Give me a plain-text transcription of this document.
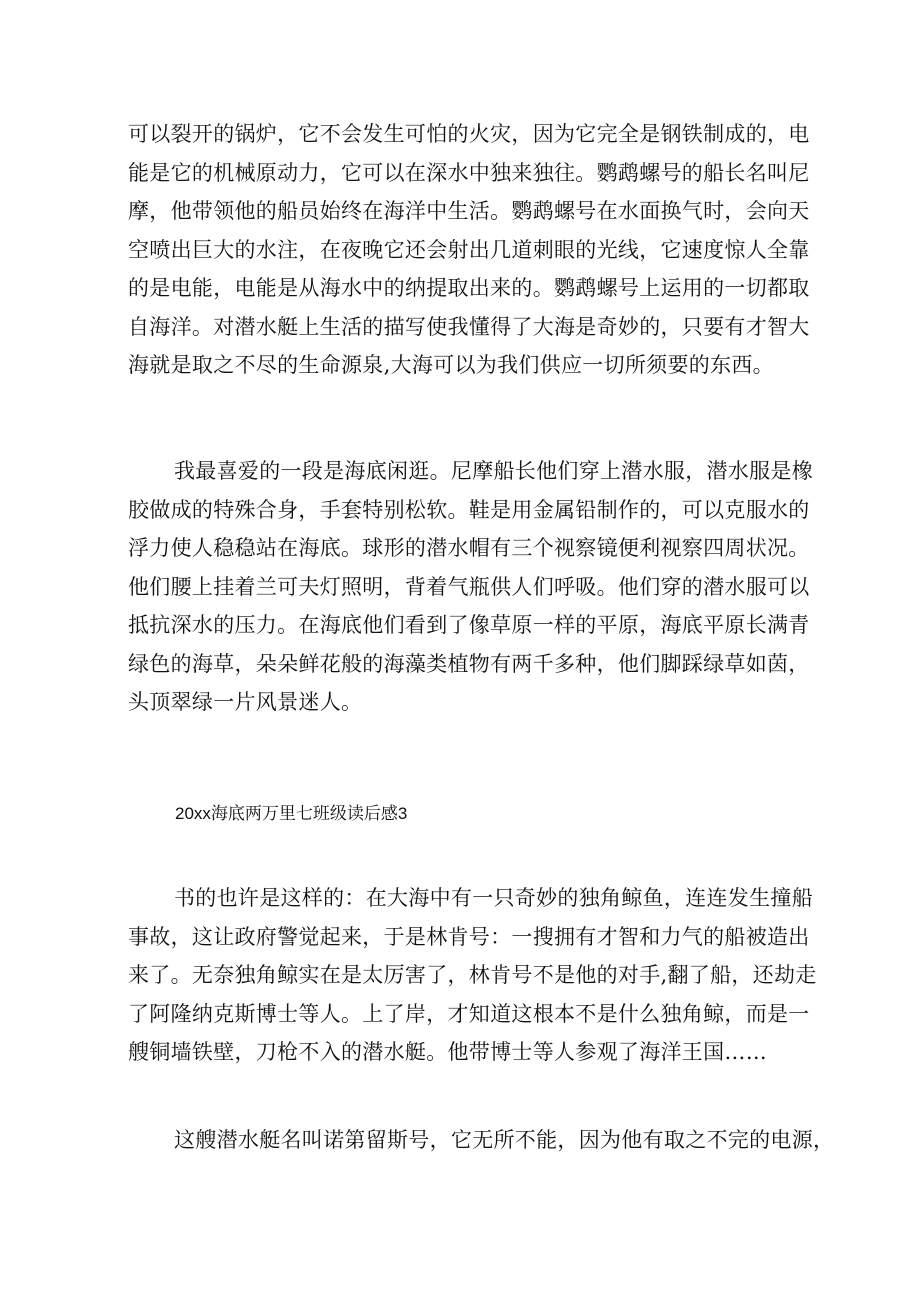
可以裂开的锅炉，它不会发生可怕的火灾，因为它完全是钢铁制成的，电
能是它的机械原动力，它可以在深水中独来独往。鹦鹉螺号的船长名叫尼
摩，他带领他的船员始终在海洋中生活。鹦鹉螺号在水面换气时，会向天
空喷出巨大的水注，在夜晚它还会射出几道刺眼的光线，它速度惊人全靠
的是电能，电能是从海水中的纳提取出来的。鹦鹉螺号上运用的一切都取
自海洋。对潜水艇上生活的描写使我懂得了大海是奇妙的，只要有才智大
海就是取之不尽的生命源泉,大海可以为我们供应一切所须要的东西。

我最喜爱的一段是海底闲逛。尼摩船长他们穿上潜水服，潜水服是橡
胶做成的特殊合身，手套特别松软。鞋是用金属铅制作的，可以克服水的
浮力使人稳稳站在海底。球形的潜水帽有三个视察镜便利视察四周状况。
他们腰上挂着兰可夫灯照明，背着气瓶供人们呼吸。他们穿的潜水服可以
抵抗深水的压力。在海底他们看到了像草原一样的平原，海底平原长满青
绿色的海草，朵朵鲜花般的海藻类植物有两千多种，他们脚踩绿草如茵，
头顶翠绿一片风景迷人。

20xx海底两万里七班级读后感3

书的也许是这样的：在大海中有一只奇妙的独角鲸鱼，连连发生撞船
事故，这让政府警觉起来，于是林肯号：一搜拥有才智和力气的船被造出
来了。无奈独角鲸实在是太厉害了，林肯号不是他的对手,翻了船，还劫走
了阿隆纳克斯博士等人。上了岸，才知道这根本不是什么独角鲸，而是一
艘铜墙铁壁，刀枪不入的潜水艇。他带博士等人参观了海洋王国……

这艘潜水艇名叫诺第留斯号，它无所不能，因为他有取之不完的电源，
